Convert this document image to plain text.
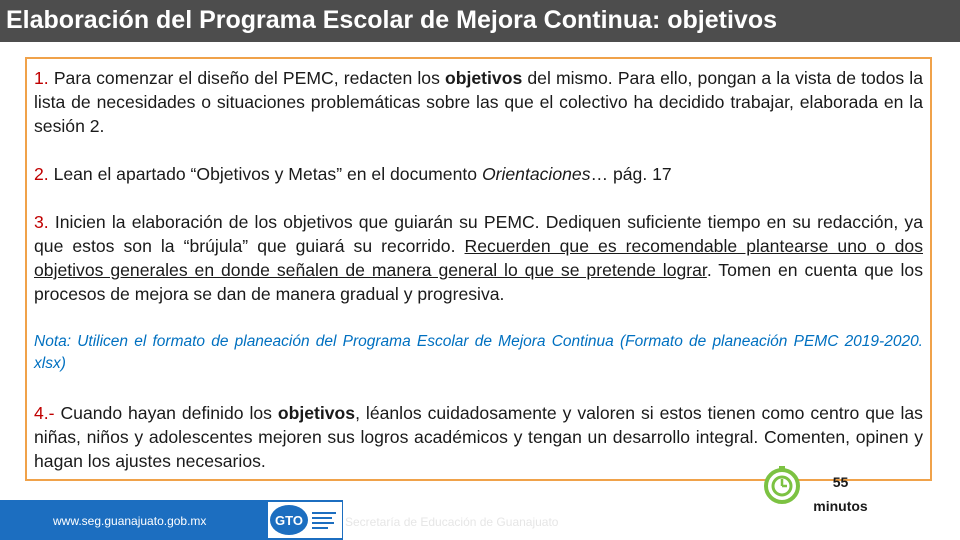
Elaboración del Programa Escolar de Mejora Continua: objetivos
1. Para comenzar el diseño del PEMC, redacten los objetivos del mismo. Para ello, pongan a la vista de todos la lista de necesidades o situaciones problemáticas sobre las que el colectivo ha decidido trabajar, elaborada en la sesión 2.
2. Lean el apartado “Objetivos y Metas” en el documento Orientaciones… pág. 17
3. Inicien la elaboración de los objetivos que guiarán su PEMC. Dediquen suficiente tiempo en su redacción, ya que estos son la “brújula” que guiará su recorrido. Recuerden que es recomendable plantearse uno o dos objetivos generales en donde señalen de manera general lo que se pretende lograr. Tomen en cuenta que los procesos de mejora se dan de manera gradual y progresiva.
Nota: Utilicen el formato de planeación del Programa Escolar de Mejora Continua (Formato de planeación PEMC 2019-2020. xlsx)
4.- Cuando hayan definido los objetivos, léanlos cuidadosamente y valoren si estos tienen como centro que las niñas, niños y adolescentes mejoren sus logros académicos y tengan un desarrollo integral. Comenten, opinen y hagan los ajustes necesarios.
55
minutos
www.seg.guanajuato.gob.mx	GTO	Secretaría de Educación de Guanajuato
